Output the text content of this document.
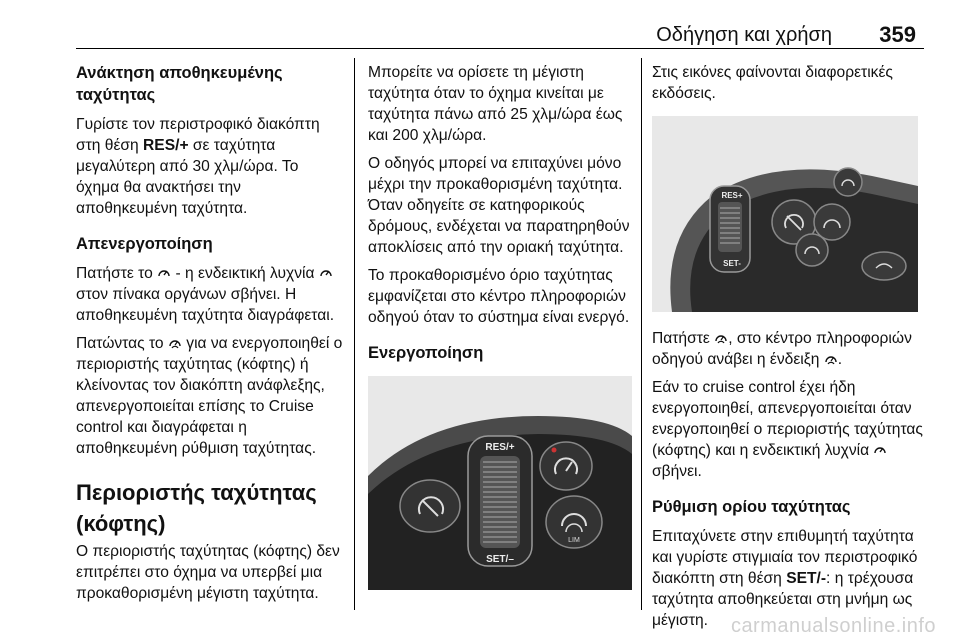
Οδήγηση και χρήση 359
Ανάκτηση αποθηκευμένης ταχύτητας

Γυρίστε τον περιστροφικό διακόπτη στη θέση RES/+ σε ταχύτητα μεγαλύτερη από 30 χλμ/ώρα. Το όχημα θα ανακτήσει την αποθηκευμένη ταχύτητα.

Απενεργοποίηση

Πατήστε το  - η ενδεικτική λυχνία  στον πίνακα οργάνων σβήνει. Η αποθηκευμένη ταχύτητα διαγράφεται.

Πατώντας το  για να ενεργοποιηθεί ο περιοριστής ταχύτητας (κόφτης) ή κλείνοντας τον διακόπτη ανάφλεξης, απενεργοποιείται επίσης το Cruise control και διαγράφεται η αποθηκευμένη ρύθμιση ταχύτητας.

Περιοριστής ταχύτητας (κόφτης)

Ο περιοριστής ταχύτητας (κόφτης) δεν επιτρέπει στο όχημα να υπερβεί μια προκαθορισμένη μέγιστη ταχύτητα.

Μπορείτε να ορίσετε τη μέγιστη ταχύτητα όταν το όχημα κινείται με ταχύτητα πάνω από 25 χλμ/ώρα έως και 200 χλμ/ώρα.

Ο οδηγός μπορεί να επιταχύνει μόνο μέχρι την προκαθορισμένη ταχύτητα. Όταν οδηγείτε σε κατηφορικούς δρόμους, ενδέχεται να παρατηρηθούν αποκλίσεις από την οριακή ταχύτητα.

Το προκαθορισμένο όριο ταχύτητας εμφανίζεται στο κέντρο πληροφοριών οδηγού όταν το σύστημα είναι ενεργό.

Ενεργοποίηση
RES/+
SET/–
LIM

Στις εικόνες φαίνονται διαφορετικές εκδόσεις.

RES+
SET-

Πατήστε , στο κέντρο πληροφοριών οδηγού ανάβει η ένδειξη .

Εάν το cruise control έχει ήδη ενεργοποιηθεί, απενεργοποιείται όταν ενεργοποιηθεί ο περιοριστής ταχύτητας (κόφτης) και η ενδεικτική λυχνία  σβήνει.

Ρύθμιση ορίου ταχύτητας

Επιταχύνετε στην επιθυμητή ταχύτητα και γυρίστε στιγμιαία τον περιστροφικό διακόπτη στη θέση SET/-: η τρέχουσα ταχύτητα αποθηκεύεται στη μνήμη ως μέγιστη.	carmanualsonline.info
